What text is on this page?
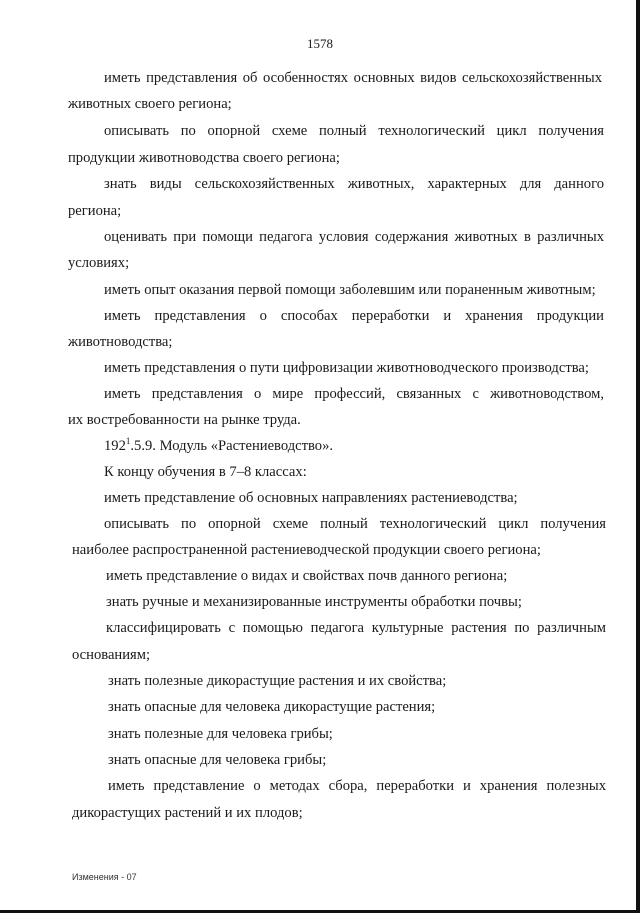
1578
иметь представления об особенностях основных видов сельскохозяйственных
животных своего региона;
описывать по опорной схеме полный технологический цикл получения
продукции животноводства своего региона;
знать виды сельскохозяйственных животных, характерных для данного
региона;
оценивать при помощи педагога условия содержания животных в различных
условиях;
иметь опыт оказания первой помощи заболевшим или пораненным животным;
иметь представления о способах переработки и хранения продукции
животноводства;
иметь представления о пути цифровизации животноводческого производства;
иметь представления о мире профессий, связанных с животноводством,
их востребованности на рынке труда.
$192^1.5.9$. Модуль «Растениеводство».
К концу обучения в 7–8 классах:
иметь представление об основных направлениях растениеводства;
описывать по опорной схеме полный технологический цикл получения
наиболее распространенной растениеводческой продукции своего региона;
иметь представление о видах и свойствах почв данного региона;
знать ручные и механизированные инструменты обработки почвы;
классифицировать с помощью педагога культурные растения по различным
основаниям;
знать полезные дикорастущие растения и их свойства;
знать опасные для человека дикорастущие растения;
знать полезные для человека грибы;
знать опасные для человека грибы;
иметь представление о методах сбора, переработки и хранения полезных
дикорастущих растений и их плодов;
Изменения - 07
